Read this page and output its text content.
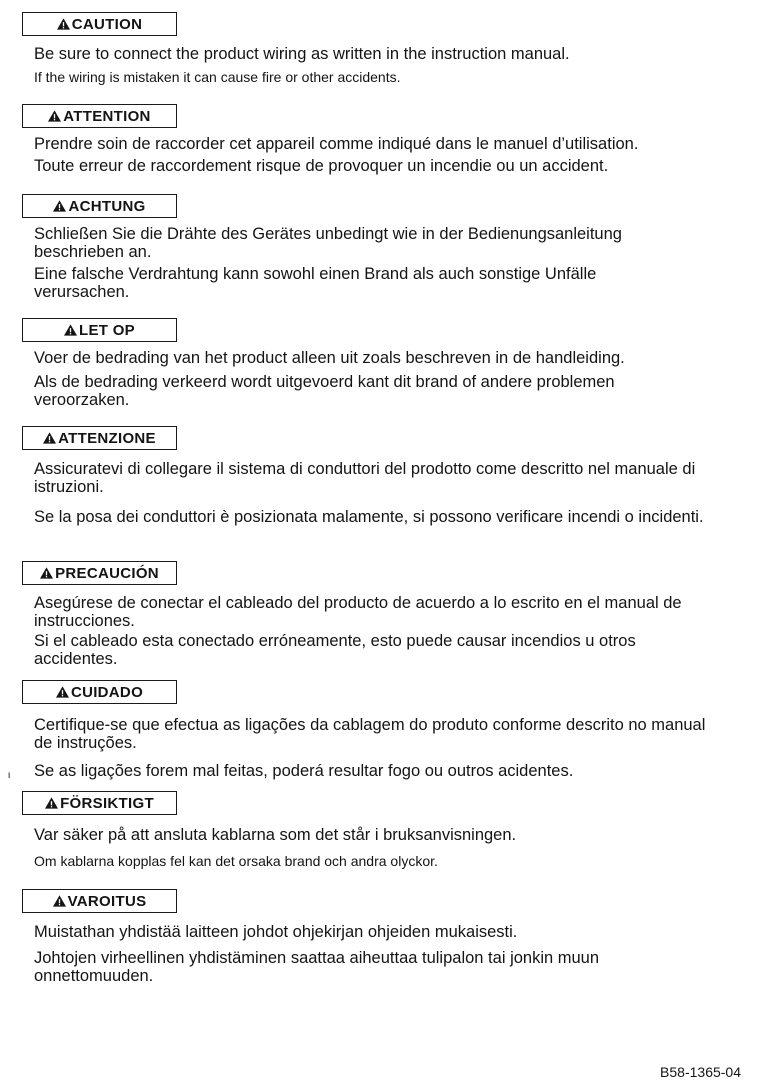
CAUTION

Be sure to connect the product wiring as written in the instruction manual.

If the wiring is mistaken it can cause fire or other accidents.

ATTENTION

Prendre soin de raccorder cet appareil comme indiqué dans le manuel d’utilisation.

Toute erreur de raccordement risque de provoquer un incendie ou un accident.

ACHTUNG

Schließen Sie die Drähte des Gerätes unbedingt wie in der Bedienungsanleitung beschrieben an.

Eine falsche Verdrahtung kann sowohl einen Brand als auch sonstige Unfälle verursachen.

LET OP

Voer de bedrading van het product alleen uit zoals beschreven in de handleiding.

Als de bedrading verkeerd wordt uitgevoerd kant dit brand of andere problemen veroorzaken.

ATTENZIONE

Assicuratevi di collegare il sistema di conduttori del prodotto come descritto nel manuale di istruzioni.

Se la posa dei conduttori è posizionata malamente, si possono verificare incendi o incidenti.

PRECAUCIÓN

Asegúrese de conectar el cableado del producto de acuerdo a lo escrito en el manual de instrucciones.

Si el cableado esta conectado erróneamente, esto puede causar incendios u otros accidentes.

CUIDADO

Certifique-se que efectua as ligações da cablagem do produto conforme descrito no manual de instruções.

Se as ligações forem mal feitas, poderá resultar fogo ou outros acidentes.

FÖRSIKTIGT

Var säker på att ansluta kablarna som det står i bruksanvisningen.

Om kablarna kopplas fel kan det orsaka brand och andra olyckor.

VAROITUS

Muistathan yhdistää laitteen johdot ohjekirjan ohjeiden mukaisesti.

Johtojen virheellinen yhdistäminen saattaa aiheuttaa tulipalon tai jonkin muun onnettomuuden.

ι
B58-1365-04
